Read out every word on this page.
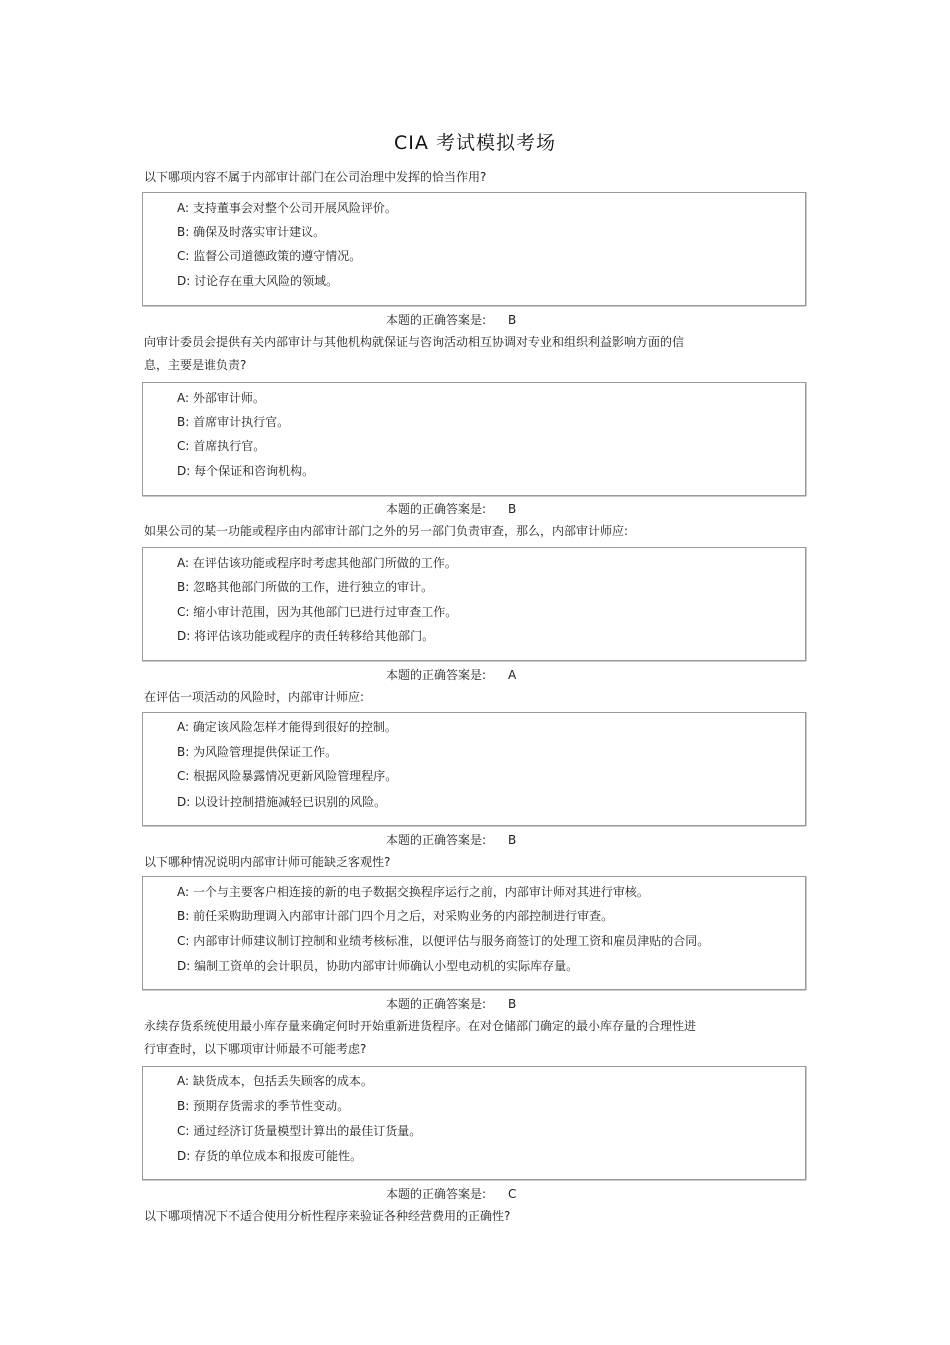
CIA 考试模拟考场
以下哪项内容不属于内部审计部门在公司治理中发挥的恰当作用?
A: 支持董事会对整个公司开展风险评价。
B: 确保及时落实审计建议。
C: 监督公司道德政策的遵守情况。
D: 讨论存在重大风险的领域。
本题的正确答案是: B
向审计委员会提供有关内部审计与其他机构就保证与咨询活动相互协调对专业和组织利益影响方面的信
息，主要是谁负责?
A: 外部审计师。
B: 首席审计执行官。
C: 首席执行官。
D: 每个保证和咨询机构。
本题的正确答案是: B
如果公司的某一功能或程序由内部审计部门之外的另一部门负责审查，那么，内部审计师应:
A: 在评估该功能或程序时考虑其他部门所做的工作。
B: 忽略其他部门所做的工作，进行独立的审计。
C: 缩小审计范围，因为其他部门已进行过审查工作。
D: 将评估该功能或程序的责任转移给其他部门。
本题的正确答案是: A
在评估一项活动的风险时，内部审计师应:
A: 确定该风险怎样才能得到很好的控制。
B: 为风险管理提供保证工作。
C: 根据风险暴露情况更新风险管理程序。
D: 以设计控制措施减轻已识别的风险。
本题的正确答案是: B
以下哪种情况说明内部审计师可能缺乏客观性?
A: 一个与主要客户相连接的新的电子数据交换程序运行之前，内部审计师对其进行审核。
B: 前任采购助理调入内部审计部门四个月之后，对采购业务的内部控制进行审查。
C: 内部审计师建议制订控制和业绩考核标准，以便评估与服务商签订的处理工资和雇员津贴的合同。
D: 编制工资单的会计职员，协助内部审计师确认小型电动机的实际库存量。
本题的正确答案是: B
永续存货系统使用最小库存量来确定何时开始重新进货程序。在对仓储部门确定的最小库存量的合理性进
行审查时，以下哪项审计师最不可能考虑?
A: 缺货成本，包括丢失顾客的成本。
B: 预期存货需求的季节性变动。
C: 通过经济订货量模型计算出的最佳订货量。
D: 存货的单位成本和报废可能性。
本题的正确答案是: C
以下哪项情况下不适合使用分析性程序来验证各种经营费用的正确性?
